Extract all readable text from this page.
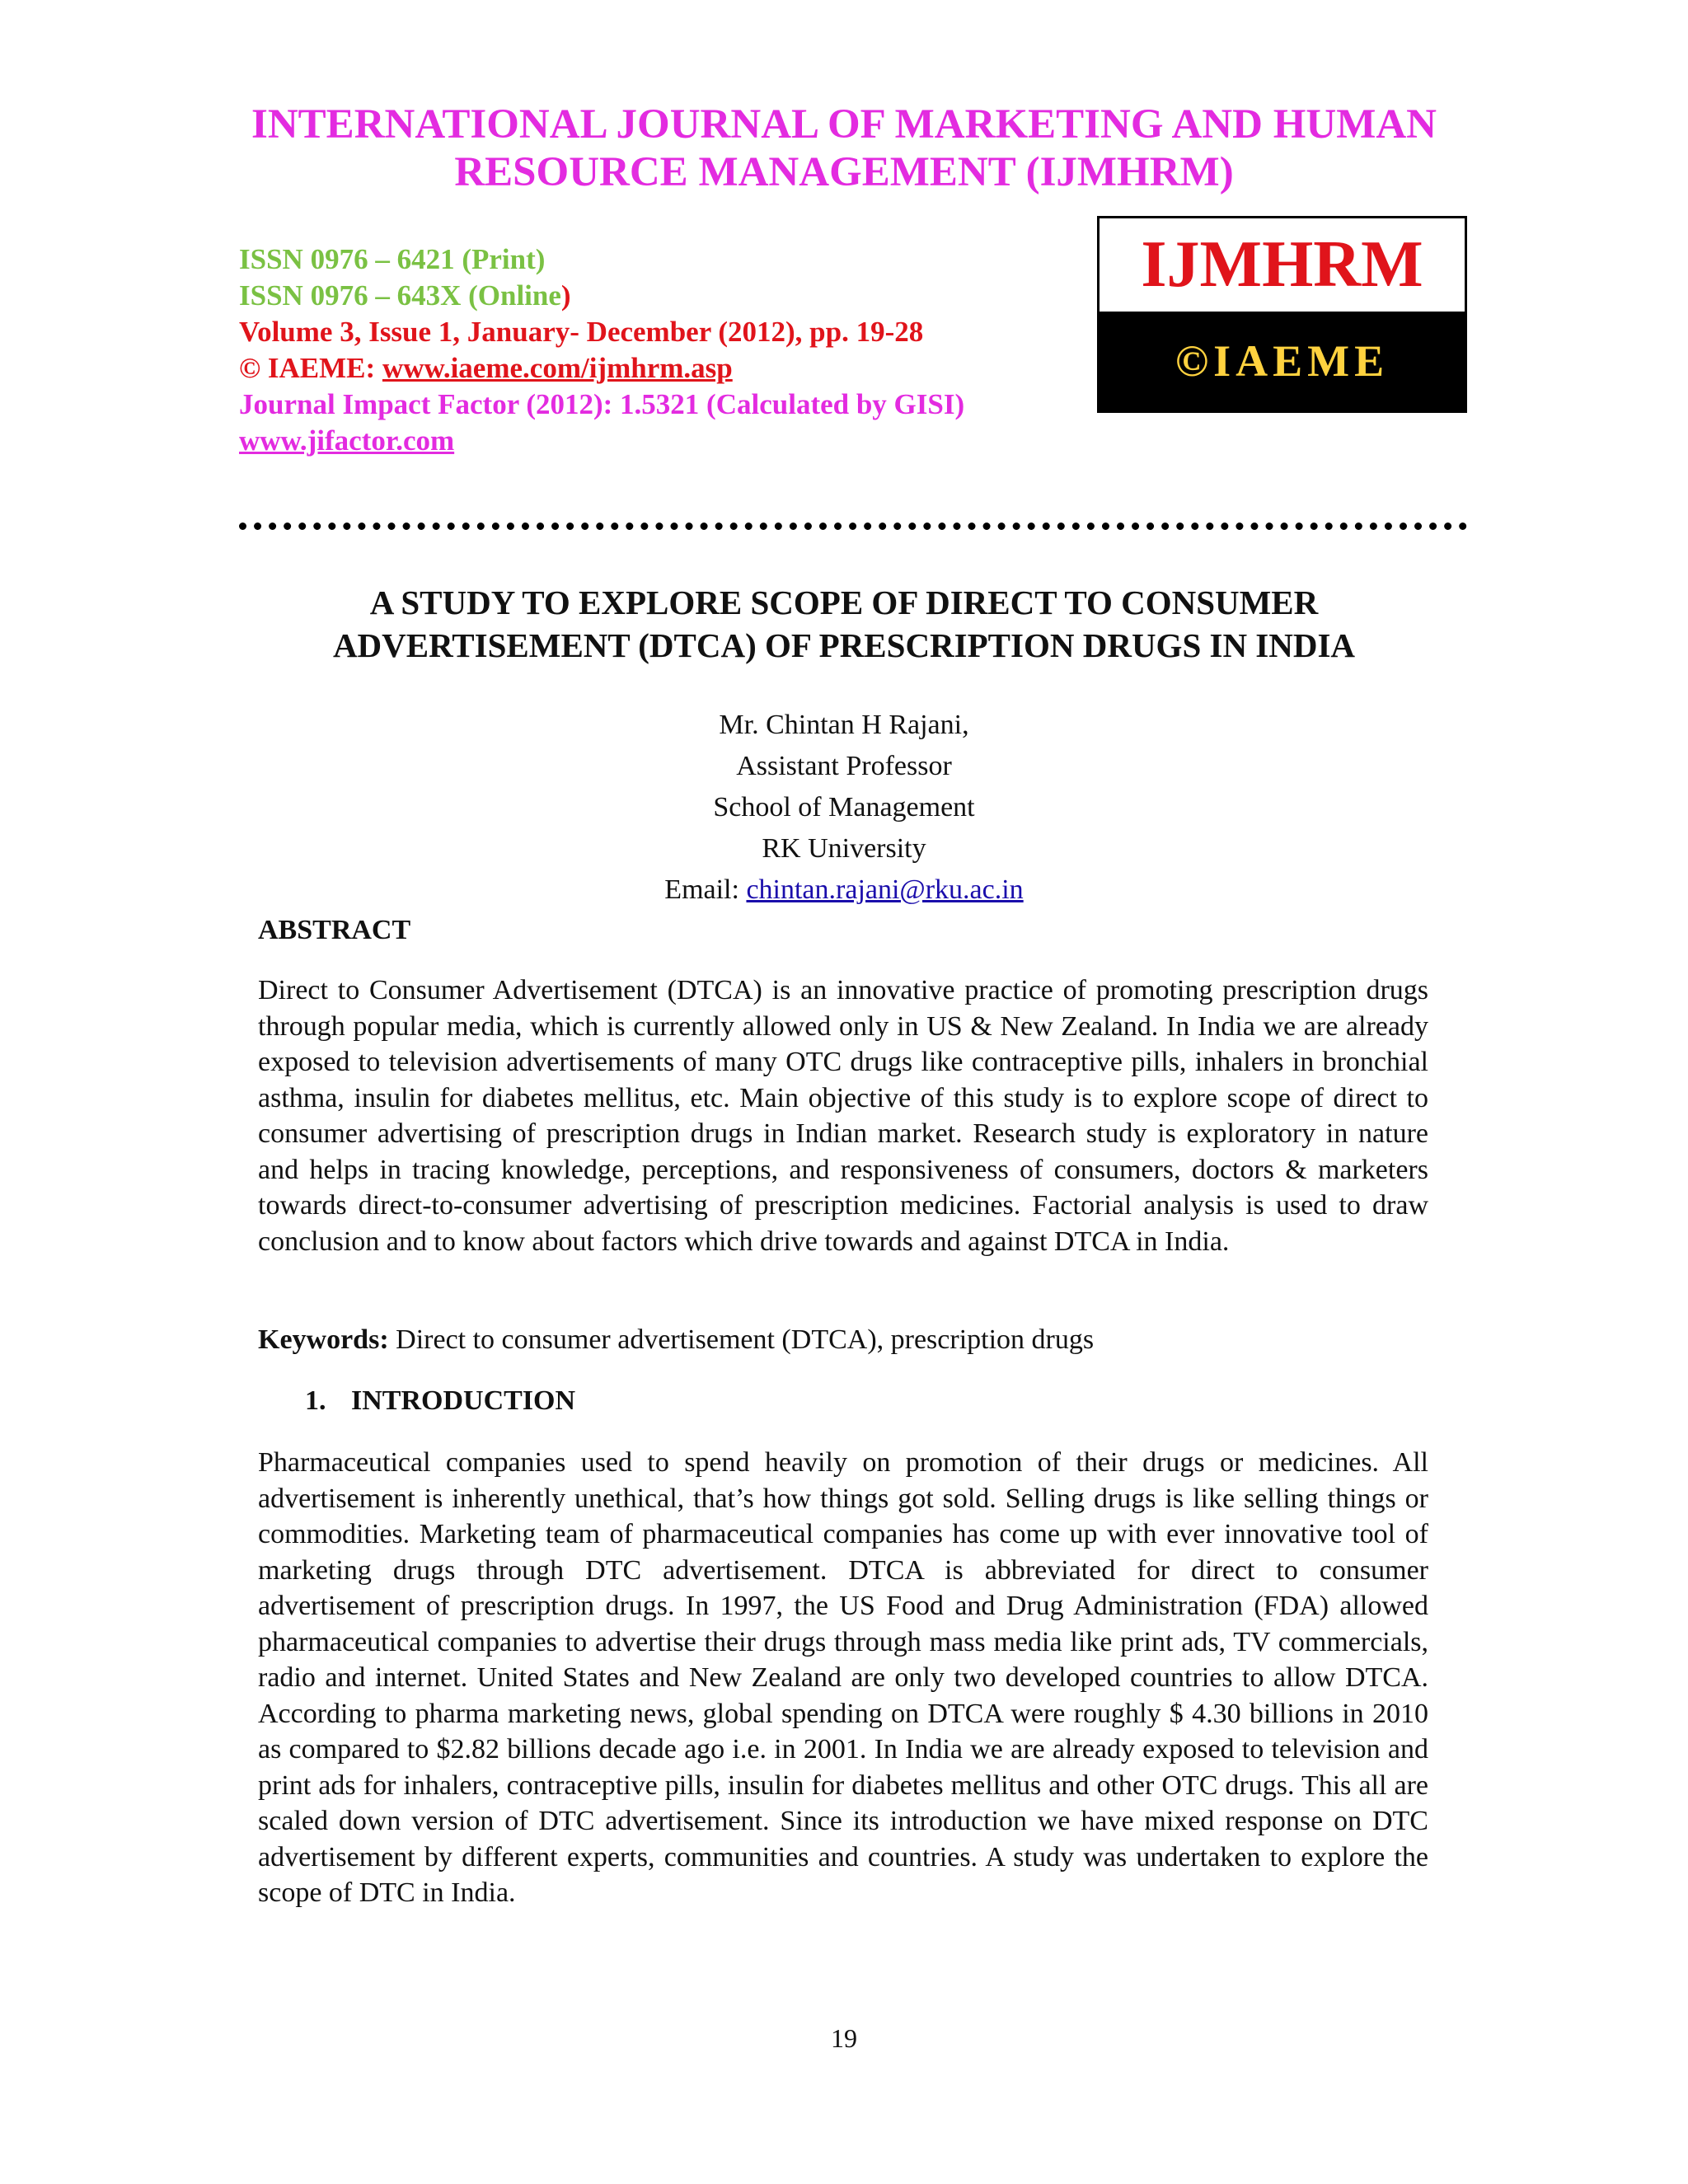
INTERNATIONAL JOURNAL OF MARKETING AND HUMAN
RESOURCE MANAGEMENT (IJMHRM)
ISSN 0976 – 6421 (Print)
ISSN 0976 – 643X (Online)
Volume 3, Issue 1, January- December (2012), pp. 19-28
© IAEME: www.iaeme.com/ijmhrm.asp
Journal Impact Factor (2012): 1.5321 (Calculated by GISI)
www.jifactor.com
IJMHRM
©IAEME
A STUDY TO EXPLORE SCOPE OF DIRECT TO CONSUMER
ADVERTISEMENT (DTCA) OF PRESCRIPTION DRUGS IN INDIA
Mr. Chintan H Rajani,
Assistant Professor
School of Management
RK University
Email: chintan.rajani@rku.ac.in
ABSTRACT
Direct to Consumer Advertisement (DTCA) is an innovative practice of promoting prescription drugs through popular media, which is currently allowed only in US & New Zealand. In India we are already exposed to television advertisements of many OTC drugs like contraceptive pills, inhalers in bronchial asthma, insulin for diabetes mellitus, etc. Main objective of this study is to explore scope of direct to consumer advertising of prescription drugs in Indian market. Research study is exploratory in nature and helps in tracing knowledge, perceptions, and responsiveness of consumers, doctors & marketers towards direct-to-consumer advertising of prescription medicines. Factorial analysis is used to draw conclusion and to know about factors which drive towards and against DTCA in India.
Keywords: Direct to consumer advertisement (DTCA), prescription drugs
1. INTRODUCTION
Pharmaceutical companies used to spend heavily on promotion of their drugs or medicines. All advertisement is inherently unethical, that’s how things got sold. Selling drugs is like selling things or commodities. Marketing team of pharmaceutical companies has come up with ever innovative tool of marketing drugs through DTC advertisement. DTCA is abbreviated for direct to consumer advertisement of prescription drugs. In 1997, the US Food and Drug Administration (FDA) allowed pharmaceutical companies to advertise their drugs through mass media like print ads, TV commercials, radio and internet. United States and New Zealand are only two developed countries to allow DTCA. According to pharma marketing news, global spending on DTCA were roughly $ 4.30 billions in 2010 as compared to $2.82 billions decade ago i.e. in 2001. In India we are already exposed to television and print ads for inhalers, contraceptive pills, insulin for diabetes mellitus and other OTC drugs. This all are scaled down version of DTC advertisement. Since its introduction we have mixed response on DTC advertisement by different experts, communities and countries. A study was undertaken to explore the scope of DTC in India.
19
